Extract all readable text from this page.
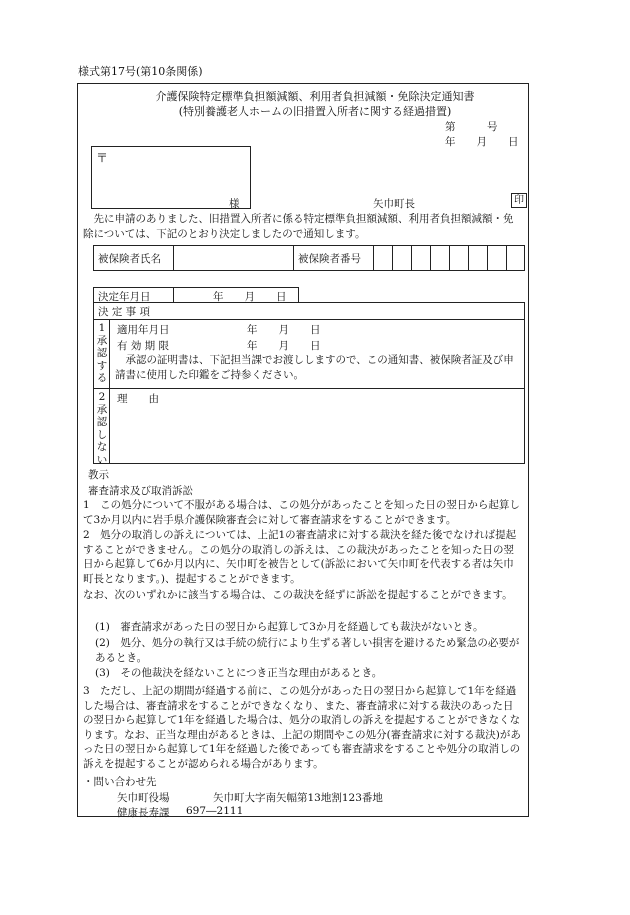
様式第17号(第10条関係)
介護保険特定標準負担額減額、利用者負担減額・免除決定通知書
(特別養護老人ホームの旧措置入所者に関する経過措置)
第　　　号
年　　月　　日
〒
様	矢巾町長	印
　先に申請のありました、旧措置入所者に係る特定標準負担額減額、利用者負担額減額・免除については、下記のとおり決定しましたので通知します。
被保険者氏名	被保険者番号
決定年月日	年　　月　　日
決 定 事 項
1承認する
適用年月日	年　　月　　日
有 効 期 限	年　　月　　日
　承認の証明書は、下記担当課でお渡ししますので、この通知書、被保険者証及び申請書に使用した印鑑をご持参ください。
2承認しない
理　　由
教示
審査請求及び取消訴訟
1　この処分について不服がある場合は、この処分があったことを知った日の翌日から起算して3か月以内に岩手県介護保険審査会に対して審査請求をすることができます。
2　処分の取消しの訴えについては、上記1の審査請求に対する裁決を経た後でなければ提起することができません。この処分の取消しの訴えは、この裁決があったことを知った日の翌日から起算して6か月以内に、矢巾町を被告として(訴訟において矢巾町を代表する者は矢巾町長となります。)、提起することができます。
なお、次のいずれかに該当する場合は、この裁決を経ずに訴訟を提起することができます。
(1)　審査請求があった日の翌日から起算して3か月を経過しても裁決がないとき。
(2)　処分、処分の執行又は手続の続行により生ずる著しい損害を避けるため緊急の必要があるとき。
(3)　その他裁決を経ないことにつき正当な理由があるとき。
3　ただし、上記の期間が経過する前に、この処分があった日の翌日から起算して1年を経過した場合は、審査請求をすることができなくなり、また、審査請求に対する裁決のあった日の翌日から起算して1年を経過した場合は、処分の取消しの訴えを提起することができなくなります。なお、正当な理由があるときは、上記の期間やこの処分(審査請求に対する裁決)があった日の翌日から起算して1年を経過した後であっても審査請求をすることや処分の取消しの訴えを提起することが認められる場合があります。
・問い合わせ先
矢巾町役場	矢巾町大字南矢幅第13地割123番地
健康長寿課 697―2111
